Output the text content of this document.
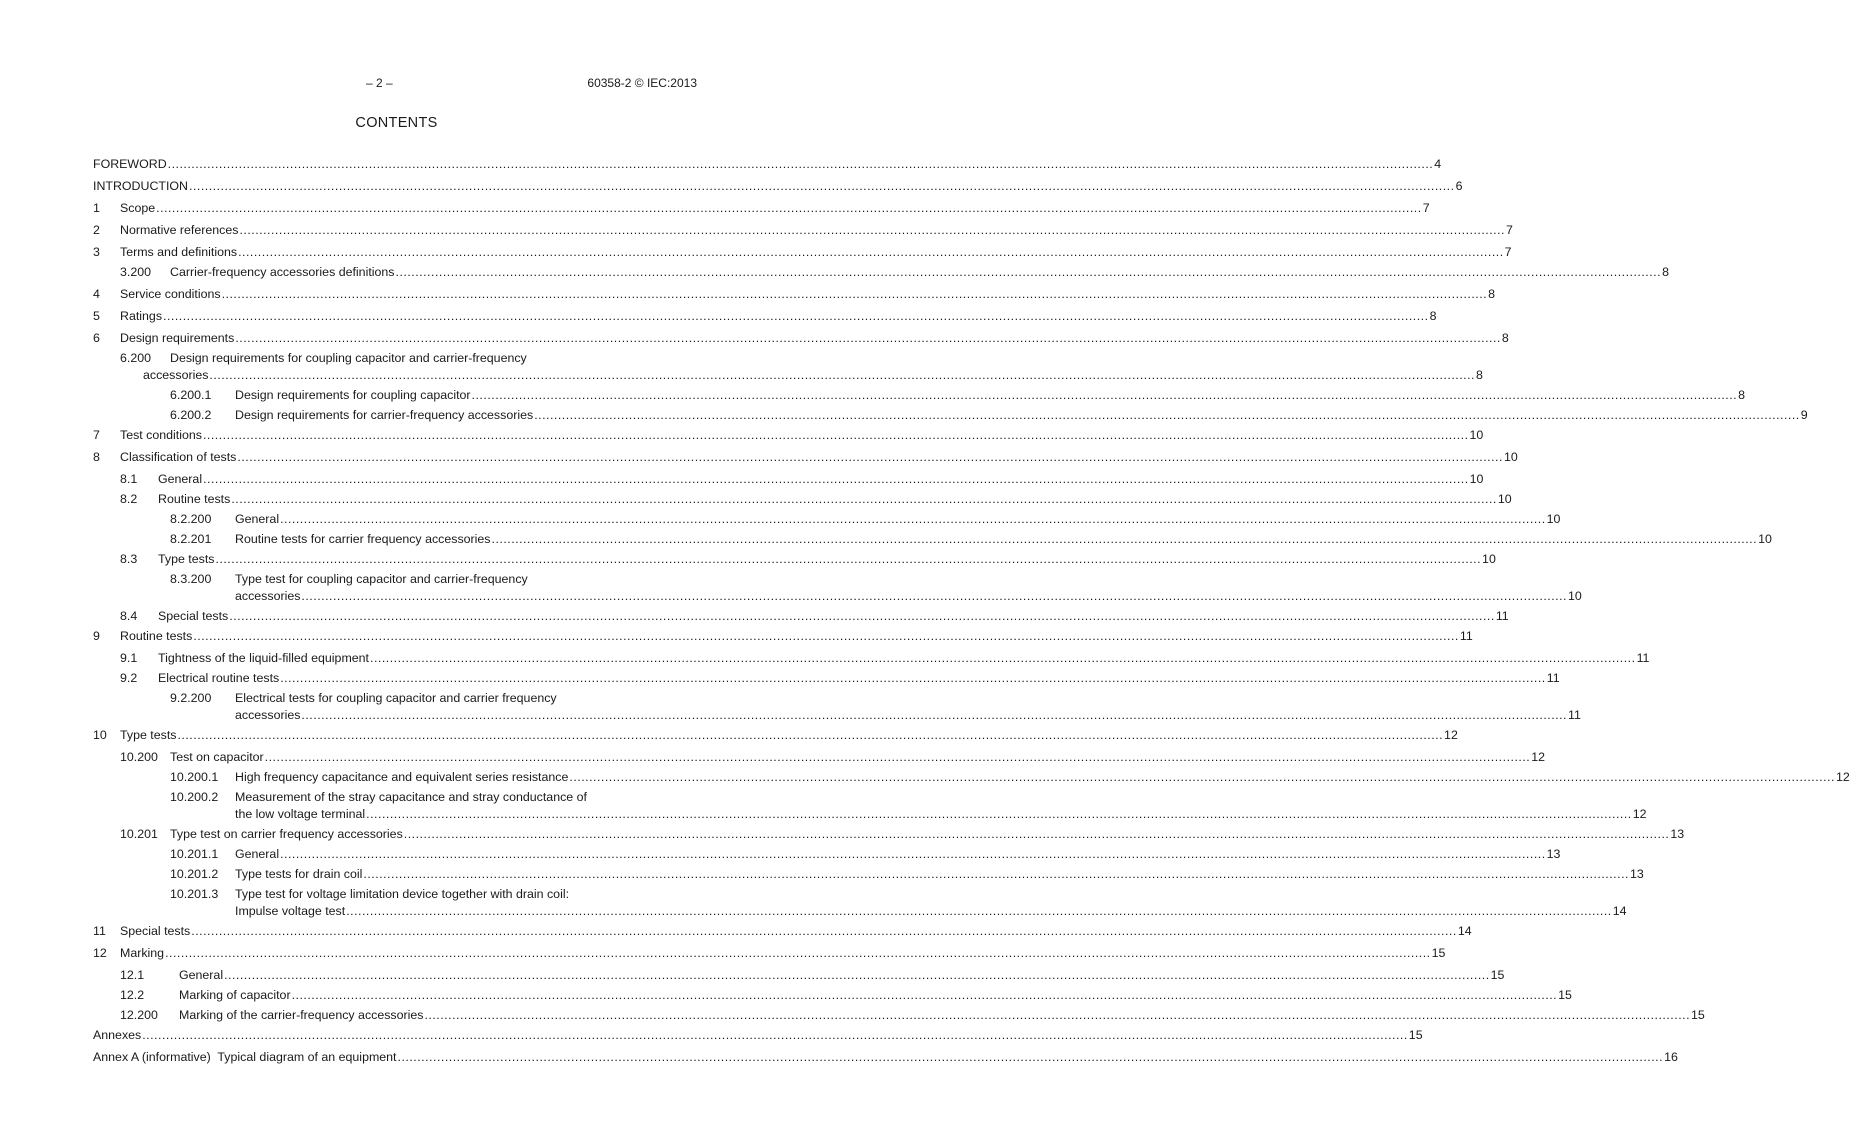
– 2 –	60358-2 © IEC:2013
CONTENTS
FOREWORD .....	4
INTRODUCTION .....	6
1	Scope .....	7
2	Normative references .....	7
3	Terms and definitions .....	7
3.200	Carrier-frequency accessories definitions .....	8
4	Service conditions .....	8
5	Ratings .....	8
6	Design requirements .....	8
6.200	Design requirements for coupling capacitor and carrier-frequency
accessories .....	8
6.200.1	Design requirements for coupling capacitor .....	8
6.200.2	Design requirements for carrier-frequency accessories .....	9
7	Test conditions .....	10
8	Classification of tests .....	10
8.1	General .....	10
8.2	Routine tests .....	10
8.2.200	General .....	10
8.2.201	Routine tests for carrier frequency accessories .....	10
8.3	Type tests .....	10
8.3.200	Type test for coupling capacitor and carrier-frequency
accessories .....	10
8.4	Special tests .....	11
9	Routine tests .....	11
9.1	Tightness of the liquid-filled equipment .....	11
9.2	Electrical routine tests .....	11
9.2.200	Electrical tests for coupling capacitor and carrier frequency
accessories .....	11
10	Type tests .....	12
10.200 Test on capacitor .....	12
10.200.1	High frequency capacitance and equivalent series resistance .....	12
10.200.2	Measurement of the stray capacitance and stray conductance of
the low voltage terminal .....	12
10.201 Type test on carrier frequency accessories .....	13
10.201.1	General .....	13
10.201.2	Type tests for drain coil .....	13
10.201.3	Type test for voltage limitation device together with drain coil:
Impulse voltage test .....	14
11	Special tests .....	14
12	Marking .....	15
12.1	General .....	15
12.2	Marking of capacitor .....	15
12.200	Marking of the carrier-frequency accessories .....	15
Annexes .....	15
Annex A (informative)  Typical diagram of an equipment .....	16
